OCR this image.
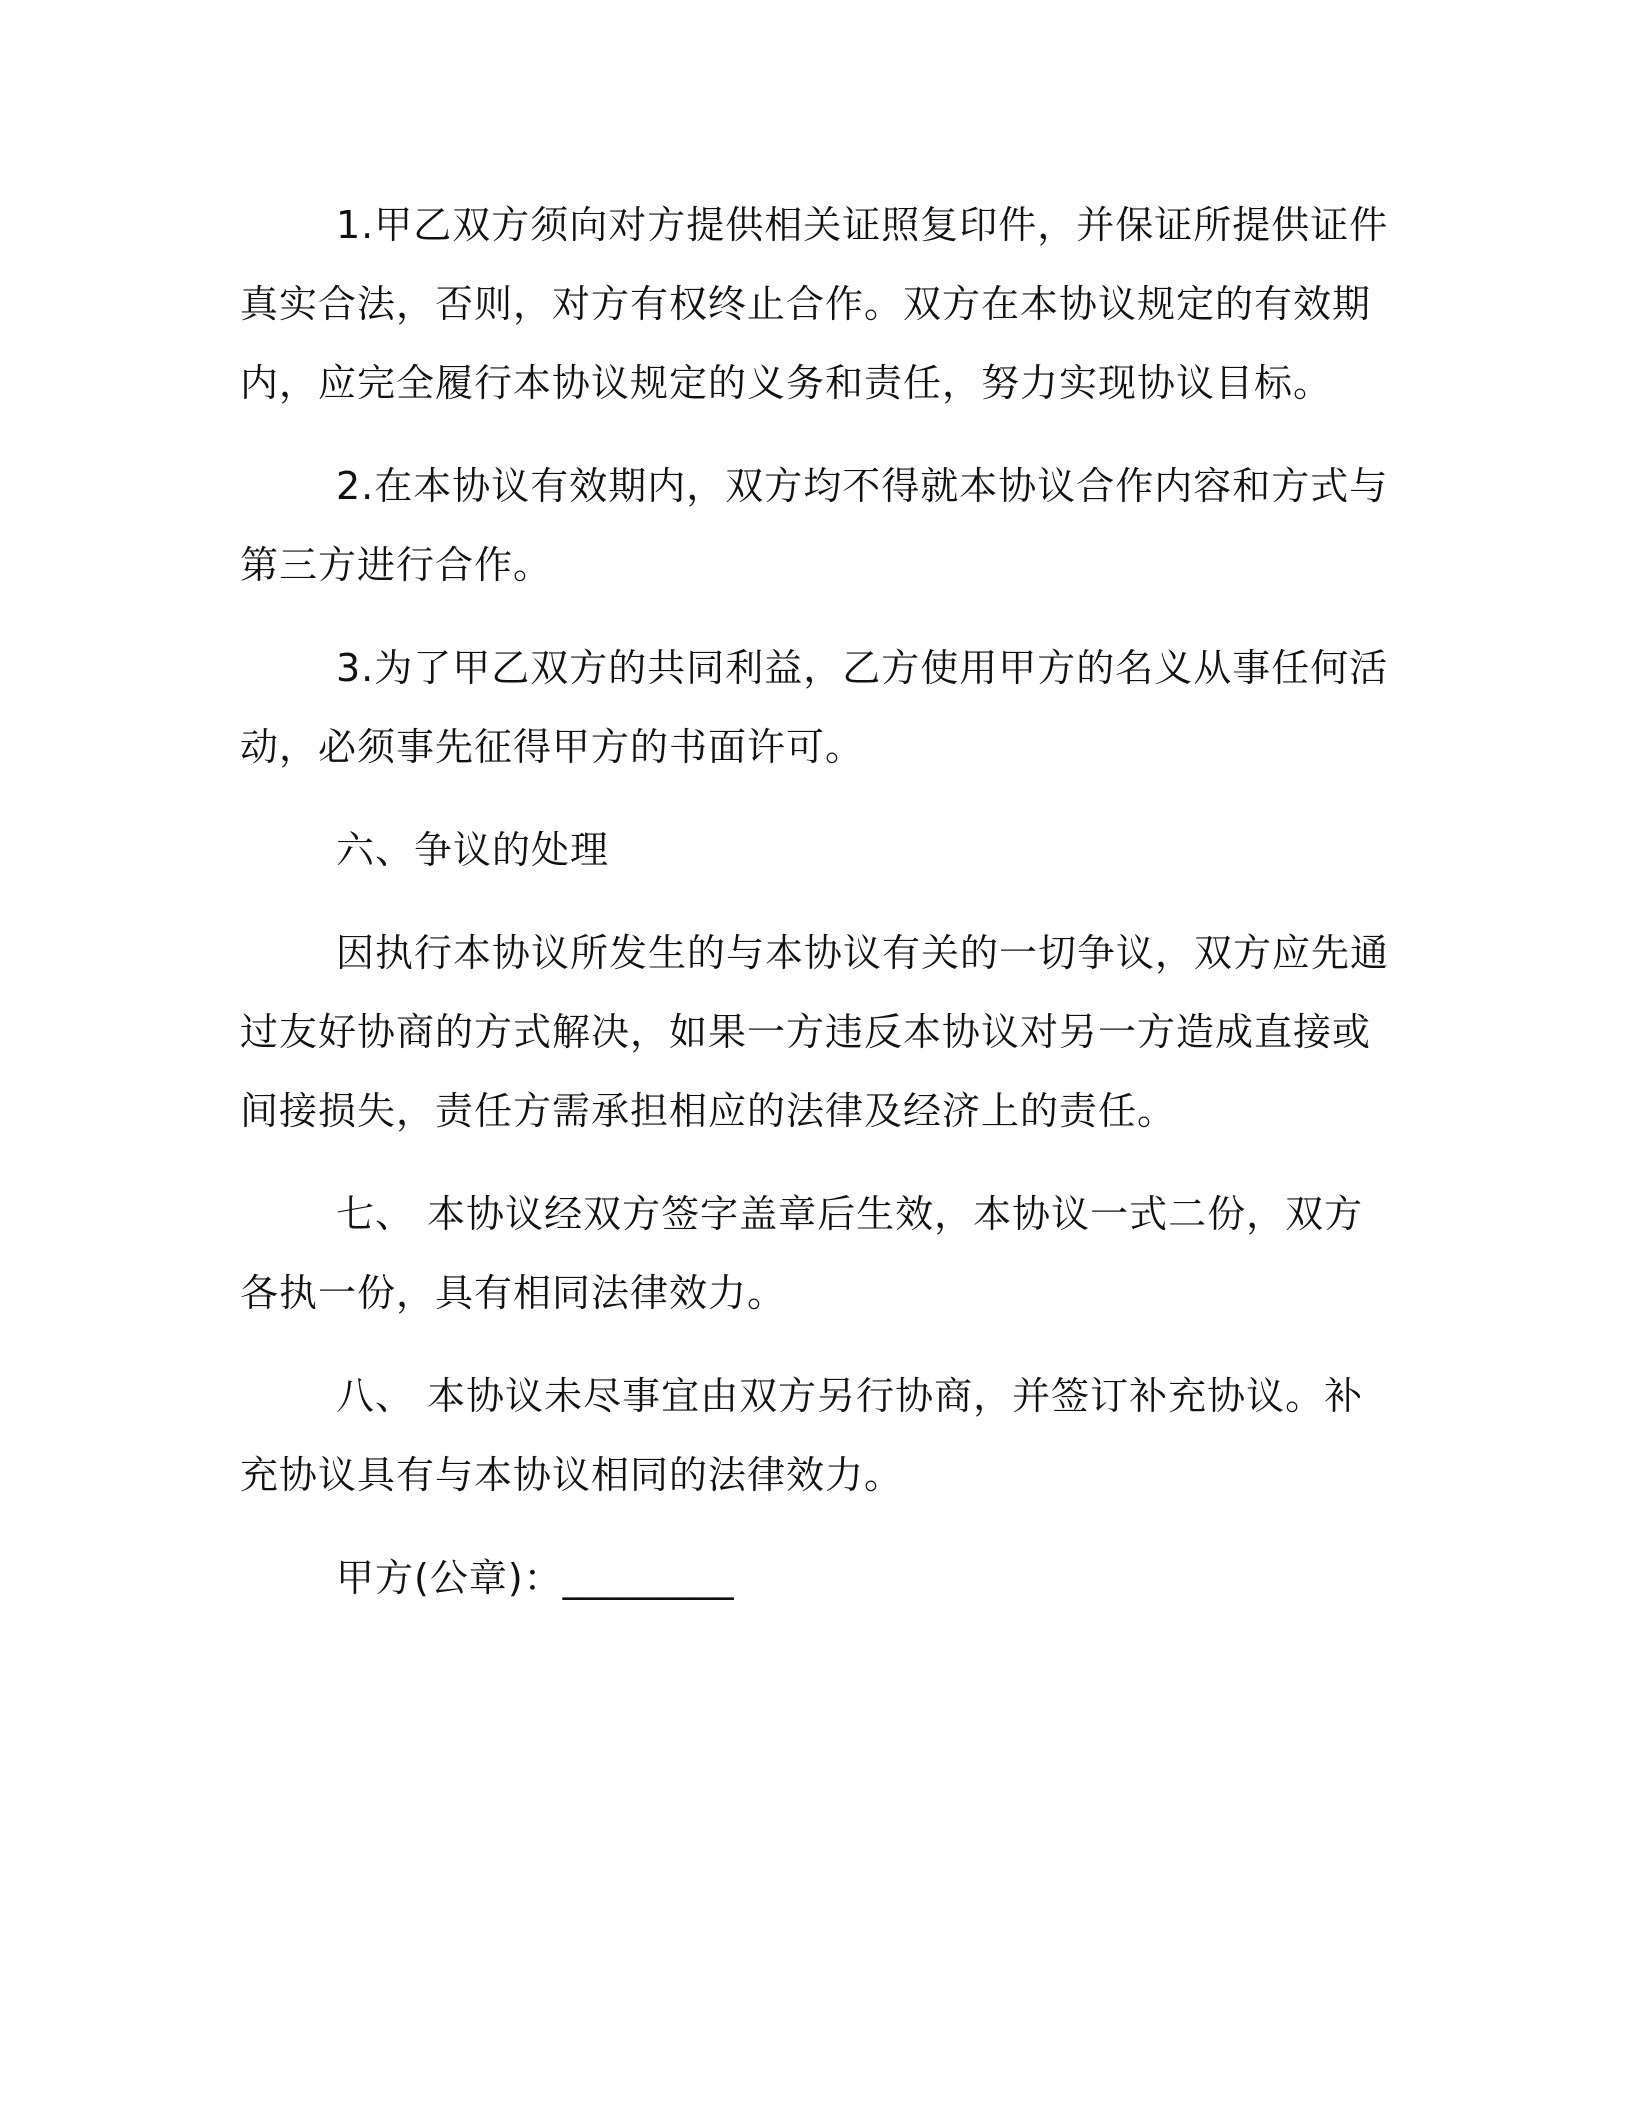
1.甲乙双方须向对方提供相关证照复印件，并保证所提供证件真实合法，否则，对方有权终止合作。双方在本协议规定的有效期内，应完全履行本协议规定的义务和责任，努力实现协议目标。

2.在本协议有效期内，双方均不得就本协议合作内容和方式与第三方进行合作。

3.为了甲乙双方的共同利益，乙方使用甲方的名义从事任何活动，必须事先征得甲方的书面许可。

六、争议的处理

因执行本协议所发生的与本协议有关的一切争议，双方应先通过友好协商的方式解决，如果一方违反本协议对另一方造成直接或间接损失，责任方需承担相应的法律及经济上的责任。

七、 本协议经双方签字盖章后生效，本协议一式二份，双方各执一份，具有相同法律效力。

八、 本协议未尽事宜由双方另行协商，并签订补充协议。补充协议具有与本协议相同的法律效力。

甲方(公章)：_________
